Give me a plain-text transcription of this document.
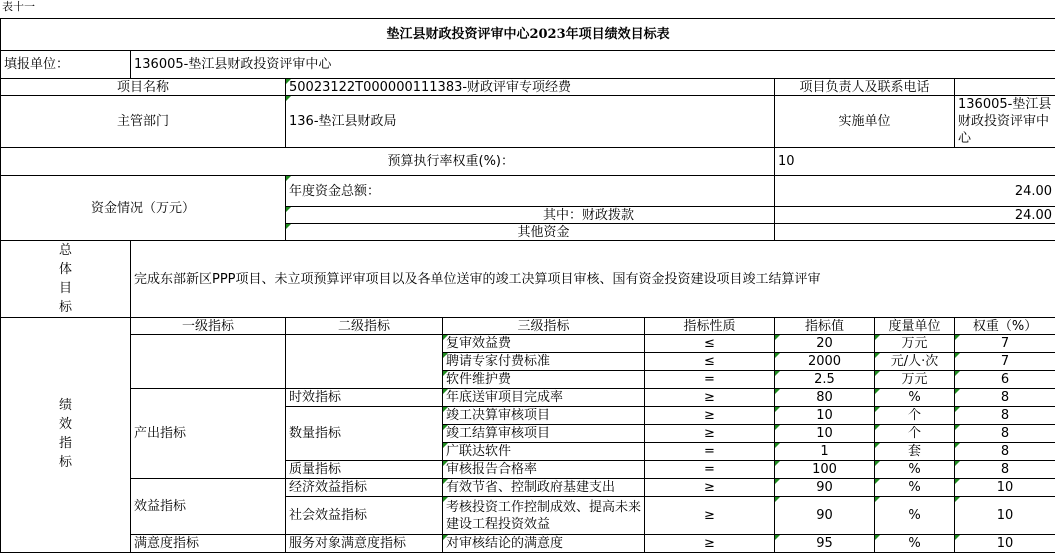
表十一
垫江县财政投资评审中心2023年项目绩效目标表							
填报单位：	136005-垫江县财政投资评审中心						
项目名称		50023122T000000111383-财政评审专项经费			项目负责人及联系电话		
主管部门		136-垫江县财政局			实施单位		136005-垫江县财政投资评审中心
预算执行率权重(%)：					10		
资金情况（万元）		年度资金总额：			24.00		
		其中：财政拨款			24.00		
		其他资金					

总体目标	完成东部新区PPP项目、未立项预算评审项目以及各单位送审的竣工决算项目审核、国有资金投资建设项目竣工结算评审						

绩效指标	一级指标	二级指标	三级指标	指标性质	指标值	度量单位	权重（%）
			复审效益费	≤	20	万元	7
			聘请专家付费标准	≤	2000	元/人·次	7
			软件维护费	=	2.5	万元	6
	产出指标	时效指标	年底送审项目完成率	≥	80	%	8
		数量指标	竣工决算审核项目	≥	10	个	8
			竣工结算审核项目	≥	10	个	8
			广联达软件	=	1	套	8
		质量指标	审核报告合格率	=	100	%	8
	效益指标	经济效益指标	有效节省、控制政府基建支出	≥	90	%	10
		社会效益指标	考核投资工作控制成效、提高未来建设工程投资效益	≥	90	%	10
	满意度指标	服务对象满意度指标	对审核结论的满意度	≥	95	%	10
